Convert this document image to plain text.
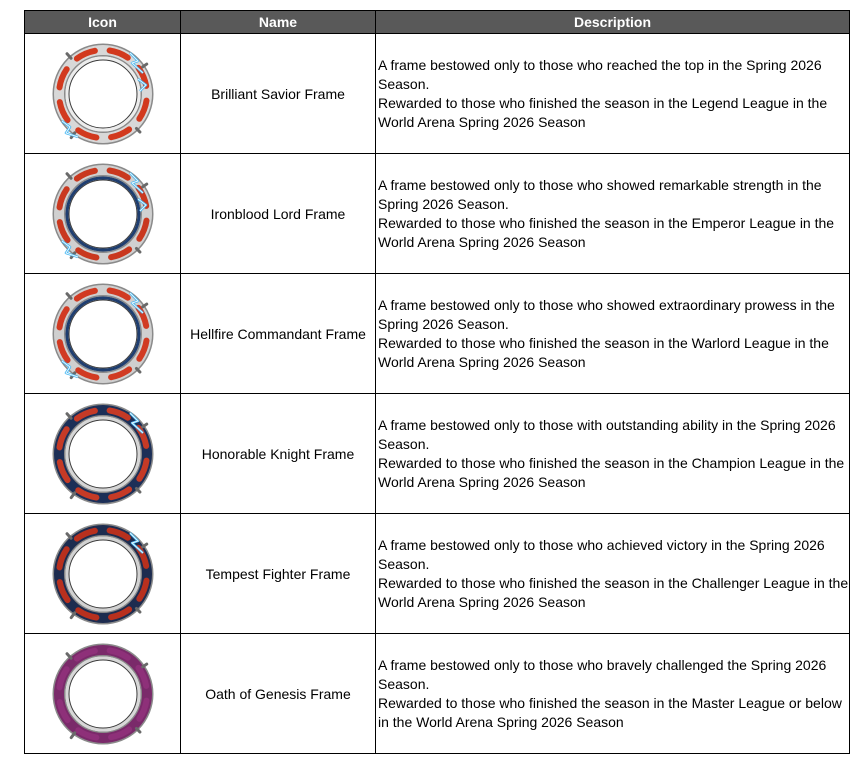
Icon	Name	Description

	Brilliant Savior Frame	A frame bestowed only to those who reached the top in the Spring 2026 Season.
Rewarded to those who finished the season in the Legend League in the World Arena Spring 2026 Season

	Ironblood Lord Frame	A frame bestowed only to those who showed remarkable strength in the Spring 2026 Season.
Rewarded to those who finished the season in the Emperor League in the World Arena Spring 2026 Season

	Hellfire Commandant Frame	A frame bestowed only to those who showed extraordinary prowess in the Spring 2026 Season.
Rewarded to those who finished the season in the Warlord League in the World Arena Spring 2026 Season

	Honorable Knight Frame	A frame bestowed only to those with outstanding ability in the Spring 2026 Season.
Rewarded to those who finished the season in the Champion League in the World Arena Spring 2026 Season

	Tempest Fighter Frame	A frame bestowed only to those who achieved victory in the Spring 2026 Season.
Rewarded to those who finished the season in the Challenger League in the World Arena Spring 2026 Season

	Oath of Genesis Frame	A frame bestowed only to those who bravely challenged the Spring 2026 Season.
Rewarded to those who finished the season in the Master League or below in the World Arena Spring 2026 Season
